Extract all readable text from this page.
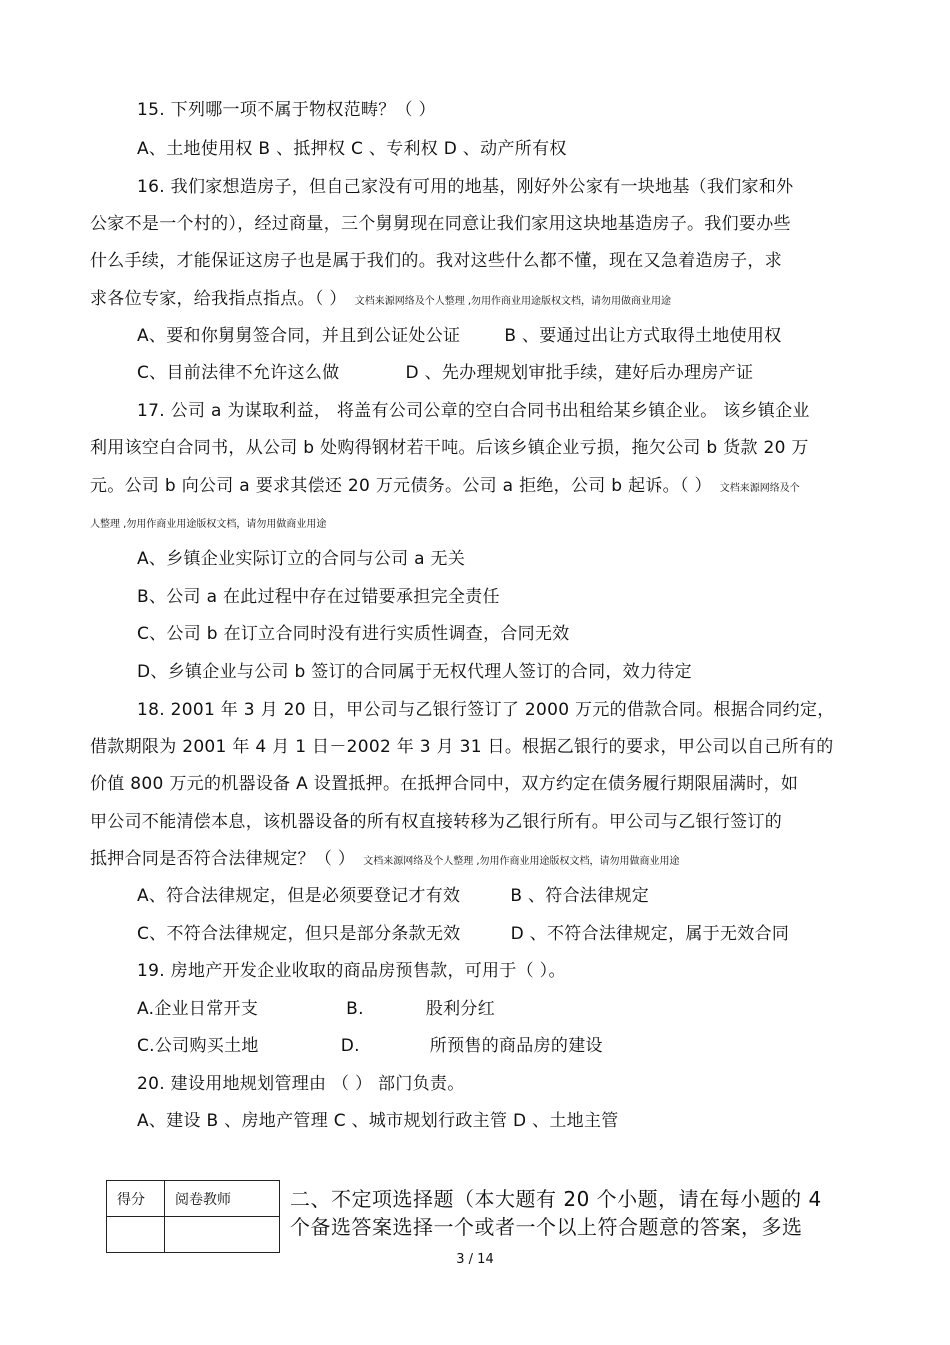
15. 下列哪一项不属于物权范畴？（ ）
A、土地使用权 B 、抵押权 C 、专利权 D 、动产所有权
16. 我们家想造房子，但自己家没有可用的地基，刚好外公家有一块地基（我们家和外
公家不是一个村的），经过商量，三个舅舅现在同意让我们家用这块地基造房子。我们要办些
什么手续，才能保证这房子也是属于我们的。我对这些什么都不懂，现在又急着造房子，求
求各位专家，给我指点指点。（ ） 文档来源网络及个人整理 ,勿用作商业用途版权文档，请勿用做商业用途
A、要和你舅舅签合同，并且到公证处公证	B 、要通过出让方式取得土地使用权
C、目前法律不允许这么做	D 、先办理规划审批手续，建好后办理房产证
17. 公司 a 为谋取利益， 将盖有公司公章的空白合同书出租给某乡镇企业。 该乡镇企业
利用该空白合同书，从公司 b 处购得钢材若干吨。后该乡镇企业亏损，拖欠公司 b 货款 20 万
元。公司 b 向公司 a 要求其偿还 20 万元债务。公司 a 拒绝，公司 b 起诉。（ ） 文档来源网络及个
人整理 ,勿用作商业用途版权文档，请勿用做商业用途
A、乡镇企业实际订立的合同与公司 a 无关
B、公司 a 在此过程中存在过错要承担完全责任
C、公司 b 在订立合同时没有进行实质性调查，合同无效
D、乡镇企业与公司 b 签订的合同属于无权代理人签订的合同，效力待定
18. 2001 年 3 月 20 日，甲公司与乙银行签订了 2000 万元的借款合同。根据合同约定，
借款期限为 2001 年 4 月 1 日－2002 年 3 月 31 日。根据乙银行的要求，甲公司以自己所有的
价值 800 万元的机器设备 A 设置抵押。在抵押合同中，双方约定在债务履行期限届满时，如
甲公司不能清偿本息，该机器设备的所有权直接转移为乙银行所有。甲公司与乙银行签订的
抵押合同是否符合法律规定？（ ） 文档来源网络及个人整理 ,勿用作商业用途版权文档，请勿用做商业用途
A、符合法律规定，但是必须要登记才有效	B 、符合法律规定
C、不符合法律规定，但只是部分条款无效	D 、不符合法律规定，属于无效合同
19. 房地产开发企业收取的商品房预售款，可用于（ ）。
A.企业日常开支	B.	股利分红
C.公司购买土地	D.	所预售的商品房的建设
20. 建设用地规划管理由 （ ） 部门负责。
A、建设 B 、房地产管理 C 、城市规划行政主管 D 、土地主管
得分	阅卷教师
		二、不定项选择题（本大题有 20 个小题，请在每小题的 4
个备选答案选择一个或者一个以上符合题意的答案，多选
3 / 14
